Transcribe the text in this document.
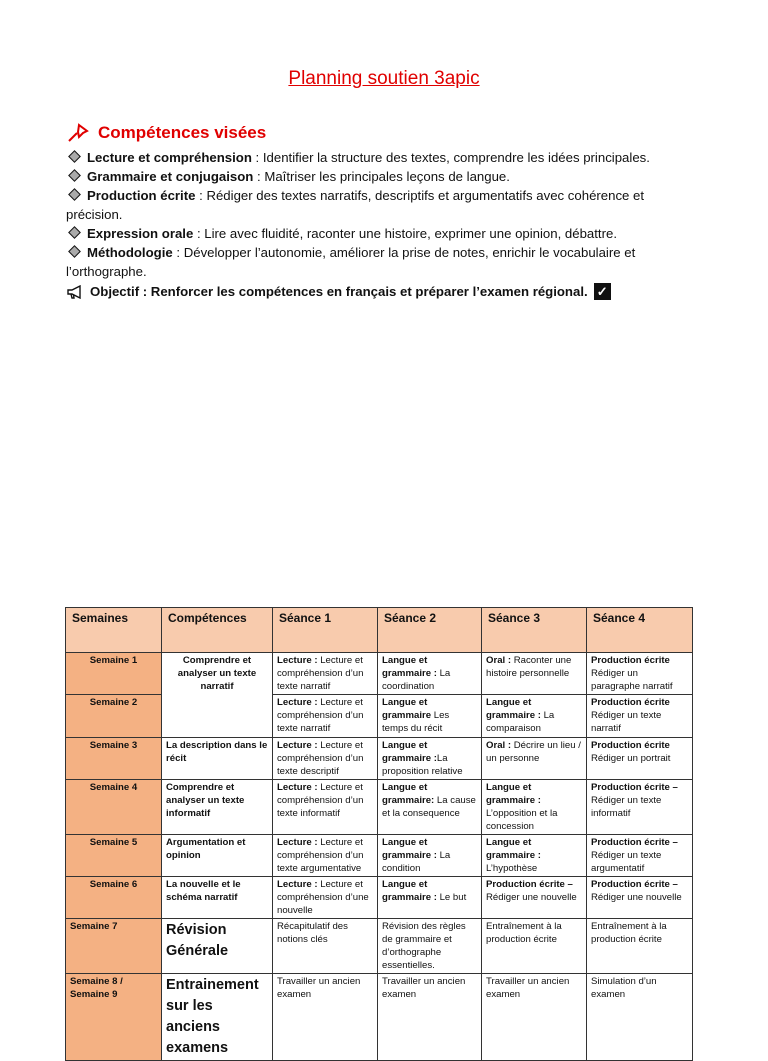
Planning soutien 3apic
Compétences visées

Lecture et compréhension : Identifier la structure des textes, comprendre les idées principales.

Grammaire et conjugaison : Maîtriser les principales leçons de langue.

Production écrite : Rédiger des textes narratifs, descriptifs et argumentatifs avec cohérence et précision.

Expression orale : Lire avec fluidité, raconter une histoire, exprimer une opinion, débattre.

Méthodologie : Développer l’autonomie, améliorer la prise de notes, enrichir le vocabulaire et l’orthographe.

Objectif : Renforcer les compétences en français et préparer l’examen régional. ✓
Semaines	Compétences	Séance 1	Séance 2	Séance 3	Séance 4
Semaine 1	Comprendre et analyser un texte narratif	Lecture : Lecture et compréhension d’un texte narratif	Langue et grammaire : La coordination	Oral : Raconter une histoire personnelle	Production écrite Rédiger un paragraphe narratif
Semaine 2		Lecture : Lecture et compréhension d’un texte narratif	Langue et grammaire Les temps du récit	Langue et grammaire : La comparaison	Production écrite Rédiger un texte narratif
Semaine 3	La description dans le récit	Lecture : Lecture et compréhension d’un texte descriptif	Langue et grammaire :La proposition relative	Oral : Décrire un lieu / un personne	Production écrite Rédiger un portrait
Semaine 4	Comprendre et analyser un texte informatif	Lecture : Lecture et compréhension d’un texte informatif	Langue et grammaire: La cause et la consequence	Langue et grammaire : L’opposition et la concession	Production écrite – Rédiger un texte informatif
Semaine 5	Argumentation et opinion	Lecture : Lecture et compréhension d’un texte argumentative	Langue et grammaire : La condition	Langue et grammaire : L’hypothèse	Production écrite – Rédiger un texte argumentatif
Semaine 6	La nouvelle et le schéma narratif	Lecture : Lecture et compréhension d’une nouvelle	Langue et grammaire : Le but	Production écrite – Rédiger une nouvelle	Production écrite – Rédiger une nouvelle
Semaine 7	Révision Générale	Récapitulatif des notions clés	Révision des règles de grammaire et d’orthographe essentielles.	Entraînement à la production écrite	Entraînement à la production écrite
Semaine 8 / Semaine 9	Entrainement sur les anciens examens	Travailler un ancien examen	Travailler un ancien examen	Travailler un ancien examen	Simulation d’un examen
